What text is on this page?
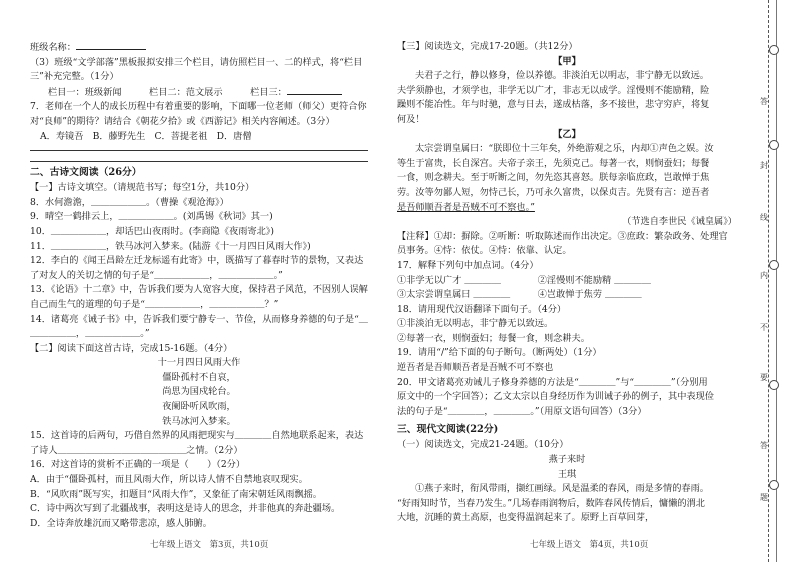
班级名称：
（3）班级“文学部落”黑板报拟安排三个栏目，请仿照栏目一、二的样式，将“栏目三”补充完整。（1分）
栏目一：班级新闻　　　栏目二：范文展示　　　栏目三：
7．老师在一个人的成长历程中有着重要的影响，下面哪一位老师（师父）更符合你对“良师”的期待？请结合《朝花夕拾》或《西游记》相关内容阐述。（3分）
A．寿镜吾　B．藤野先生　C．菩提老祖　D．唐僧
二、古诗文阅读（26分）
【一】古诗文填空。（请规范书写；每空1分，共10分）
8．水何澹澹，＿＿＿＿＿＿。（曹操《观沧海》）
9．晴空一鹤排云上，＿＿＿＿＿＿。(刘禹锡《秋词》其一)
10．＿＿＿＿＿＿，却话巴山夜雨时。(李商隐《夜雨寄北》)
11．＿＿＿＿＿＿，铁马冰河入梦来。(陆游《十一月四日风雨大作》)
12．李白的《闻王昌龄左迁龙标遥有此寄》中，既描写了暮春时节的景物，又表达了对友人的关切之情的句子是“＿＿＿＿＿＿，＿＿＿＿＿＿。”
13．《论语》十二章》中，告诉我们要为人宽容大度，保持君子风范，不因别人误解自己而生气的道理的句子是“＿＿＿＿＿＿，＿＿＿＿＿＿？”
14．诸葛亮《诫子书》中，告诉我们要宁静专一、节俭，从而修身养德的句子是“＿＿＿＿＿＿，＿＿＿＿＿＿。”
【二】阅读下面这首古诗，完成15-16题。（4分）
十一月四日风雨大作
僵卧孤村不自哀，
尚思为国戍轮台。
夜阑卧听风吹雨，
铁马冰河入梦来。
15．这首诗的后两句，巧借自然界的风雨把现实与＿＿＿＿自然地联系起来，表达了诗人＿＿＿＿＿＿＿＿＿＿＿＿＿＿之情。（2分）
16．对这首诗的赏析不正确的一项是（　　）（2分）
A．由于“僵卧孤村，而且风雨大作，所以诗人情不自禁地哀叹现实。
B．“风吹雨”既写实，扣题目“风雨大作”，又象征了南宋朝廷风雨飘摇。
C．诗中两次写到了北疆战事，表明这是诗人的思念，并非他真的奔赴疆场。
D．全诗奔放雄沉而又略带悲凉，感人肺腑。
七年级上语文　第3页，共10页
【三】阅读选文，完成17-20题。（共12分）
【甲】
夫君子之行，静以修身，俭以养德。非淡泊无以明志，非宁静无以致远。
夫学须静也，才须学也，非学无以广才，非志无以成学。淫慢则不能励精，险
躁则不能冶性。年与时驰，意与日去，遂成枯落，多不接世，悲守穷庐，将复
何及！
【乙】
太宗尝谓皇属曰：“朕即位十三年矣，外绝游观之乐，内却①声色之娱。汝
等生于富贵，长自深宫。夫帝子亲王，先须克己。每著一衣，则悯蚕妇；每餐
一食，则念耕夫。至于听断之间，勿先恣其喜怒。朕每亲临庶政，岂敢惮于焦
劳。汝等勿鄙人短，勿恃己长，乃可永久富贵，以保贞吉。先贤有言：逆吾者
是吾师顺吾者是吾贼不可不察也。”
（节选自李世民《诫皇属》）
【注释】①却：摒除。②听断：听取陈述而作出决定。③庶政：繁杂政务、处理官
员事务。④恃：依仗。④恃：依靠、认定。
17．解释下列句中加点词。（4分）
①非学无以广才 ＿＿＿＿　　　　②淫慢则不能励精 ＿＿＿＿
③太宗尝谓皇属曰 ＿＿＿＿　　　④岂敢惮于焦劳 ＿＿＿＿
18．请用现代汉语翻译下面句子。（4分）
①非淡泊无以明志，非宁静无以致远。
②每著一衣，则悯蚕妇；每餐一食，则念耕夫。
19．请用“/”给下面的句子断句。（断两处）（1分）
逆吾者是吾师顺吾者是吾贼不可不察也
20．甲文诸葛亮劝诫儿子修身养德的方法是“＿＿＿＿”与“＿＿＿＿”（分别用
原文中的一个字回答）；乙文太宗以自身经历作为训诫子孙的例子，其中表现俭
法的句子是“＿＿＿＿，＿＿＿＿。”（用原文语句回答）（3分）
三、现代文阅读(22分)
（一）阅读选文，完成21-24题。（10分）
燕子来时
王琪
①燕子来时，衔风带雨，撷红画绿。风是温柔的春风，雨是多情的春雨。
“好雨知时节，当春乃发生。”几场春雨润物后，数阵春风传情后，慵懒的渭北
大地，沉睡的黄土高原，也变得温润起来了。原野上百草回芽，
七年级上语文　第4页，共10页
答
封
线
内
不
要
答
题
